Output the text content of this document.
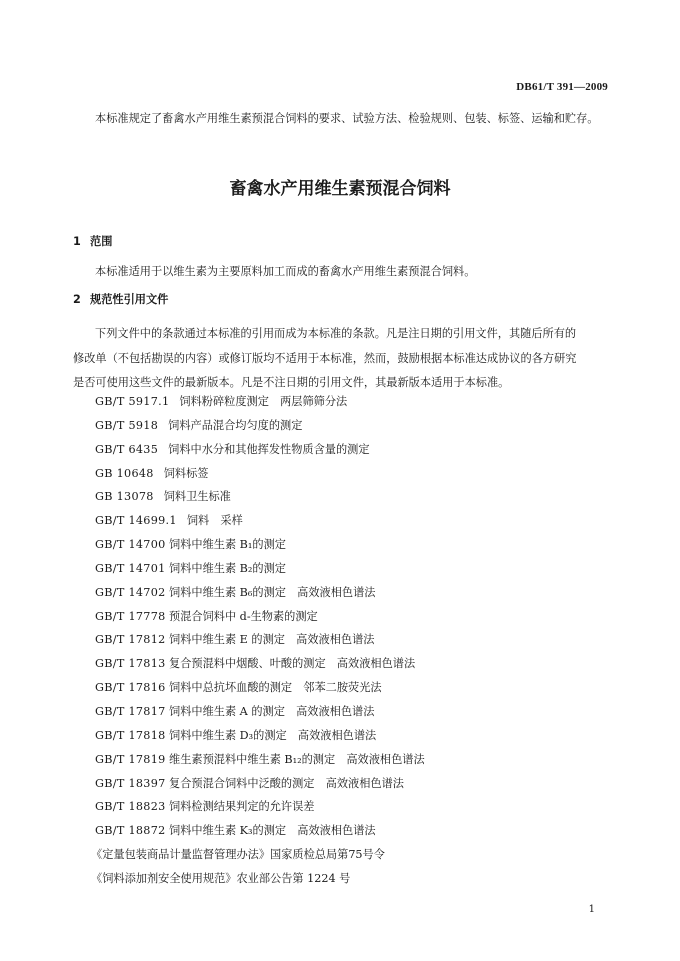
DB61/T 391—2009
本标准规定了畜禽水产用维生素预混合饲料的要求、试验方法、检验规则、包装、标签、运输和贮存。
畜禽水产用维生素预混合饲料
1 范围
本标准适用于以维生素为主要原料加工而成的畜禽水产用维生素预混合饲料。
2 规范性引用文件
下列文件中的条款通过本标准的引用而成为本标准的条款。凡是注日期的引用文件，其随后所有的
修改单（不包括勘误的内容）或修订版均不适用于本标准，然而，鼓励根据本标准达成协议的各方研究
是否可使用这些文件的最新版本。凡是不注日期的引用文件，其最新版本适用于本标准。
GB/T 5917.1 饲料粉碎粒度测定　两层筛筛分法
GB/T 5918 饲料产品混合均匀度的测定
GB/T 6435 饲料中水分和其他挥发性物质含量的测定
GB 10648 饲料标签
GB 13078 饲料卫生标准
GB/T 14699.1 饲料　采样
GB/T 14700 饲料中维生素 B₁的测定
GB/T 14701 饲料中维生素 B₂的测定
GB/T 14702 饲料中维生素 B₆的测定　高效液相色谱法
GB/T 17778 预混合饲料中 d-生物素的测定
GB/T 17812 饲料中维生素 E 的测定　高效液相色谱法
GB/T 17813 复合预混料中烟酸、叶酸的测定　高效液相色谱法
GB/T 17816 饲料中总抗坏血酸的测定　邻苯二胺荧光法
GB/T 17817 饲料中维生素 A 的测定　高效液相色谱法
GB/T 17818 饲料中维生素 D₃的测定　高效液相色谱法
GB/T 17819 维生素预混料中维生素 B₁₂的测定　高效液相色谱法
GB/T 18397 复合预混合饲料中泛酸的测定　高效液相色谱法
GB/T 18823 饲料检测结果判定的允许误差
GB/T 18872 饲料中维生素 K₃的测定　高效液相色谱法
《定量包装商品计量监督管理办法》国家质检总局第75号令
《饲料添加剂安全使用规范》农业部公告第 1224 号
1
